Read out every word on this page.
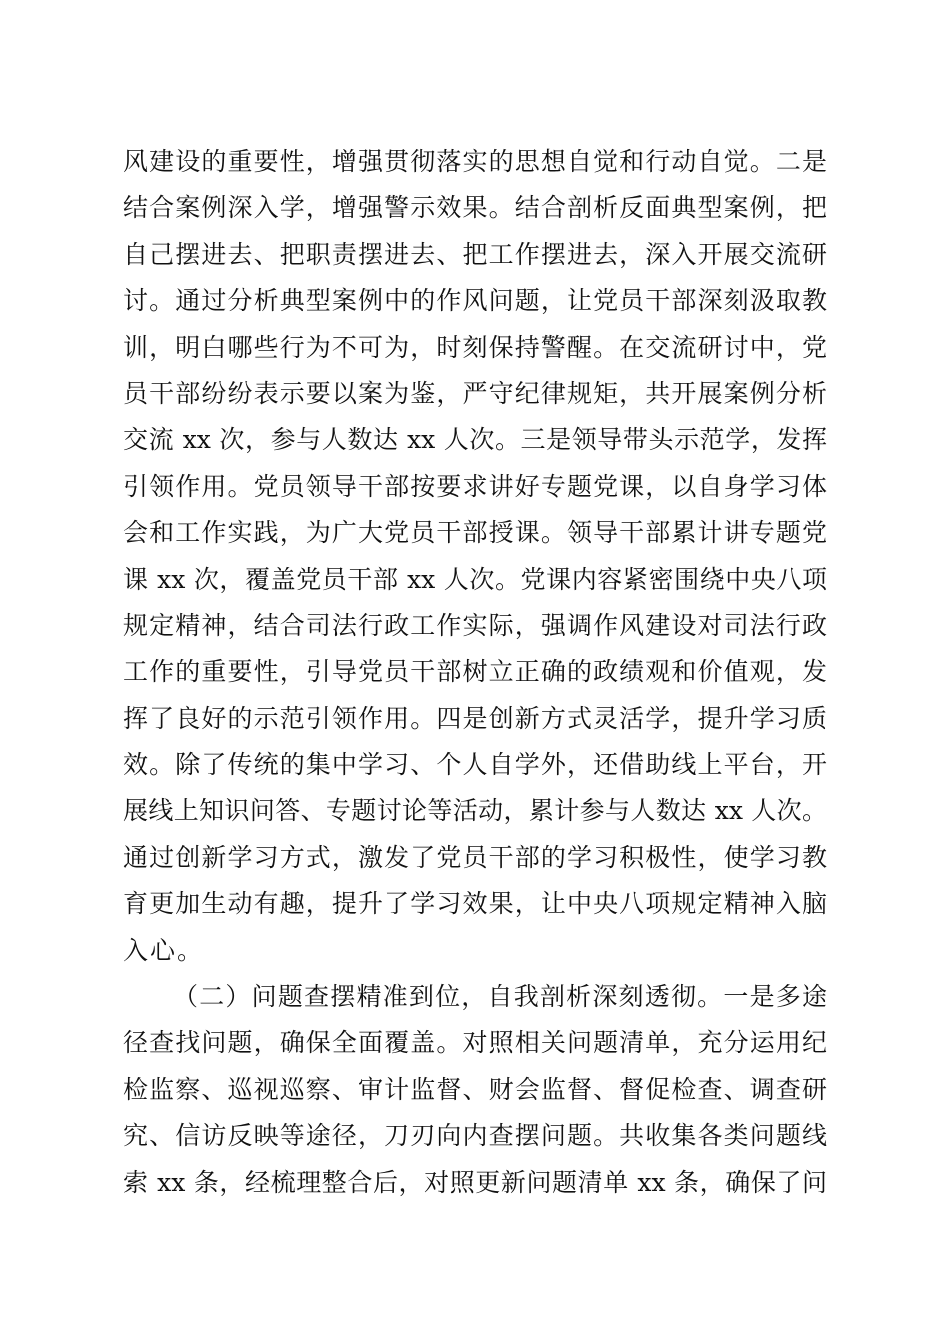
风建设的重要性，增强贯彻落实的思想自觉和行动自觉。二是
结合案例深入学，增强警示效果。结合剖析反面典型案例，把
自己摆进去、把职责摆进去、把工作摆进去，深入开展交流研
讨。通过分析典型案例中的作风问题，让党员干部深刻汲取教
训，明白哪些行为不可为，时刻保持警醒。在交流研讨中，党
员干部纷纷表示要以案为鉴，严守纪律规矩，共开展案例分析
交流 xx 次，参与人数达 xx 人次。三是领导带头示范学，发挥
引领作用。党员领导干部按要求讲好专题党课，以自身学习体
会和工作实践，为广大党员干部授课。领导干部累计讲专题党
课 xx 次，覆盖党员干部 xx 人次。党课内容紧密围绕中央八项
规定精神，结合司法行政工作实际，强调作风建设对司法行政
工作的重要性，引导党员干部树立正确的政绩观和价值观，发
挥了良好的示范引领作用。四是创新方式灵活学，提升学习质
效。除了传统的集中学习、个人自学外，还借助线上平台，开
展线上知识问答、专题讨论等活动，累计参与人数达 xx 人次。
通过创新学习方式，激发了党员干部的学习积极性，使学习教
育更加生动有趣，提升了学习效果，让中央八项规定精神入脑
入心。
（二）问题查摆精准到位，自我剖析深刻透彻。一是多途
径查找问题，确保全面覆盖。对照相关问题清单，充分运用纪
检监察、巡视巡察、审计监督、财会监督、督促检查、调查研
究、信访反映等途径，刀刃向内查摆问题。共收集各类问题线
索 xx 条，经梳理整合后，对照更新问题清单 xx 条，确保了问
